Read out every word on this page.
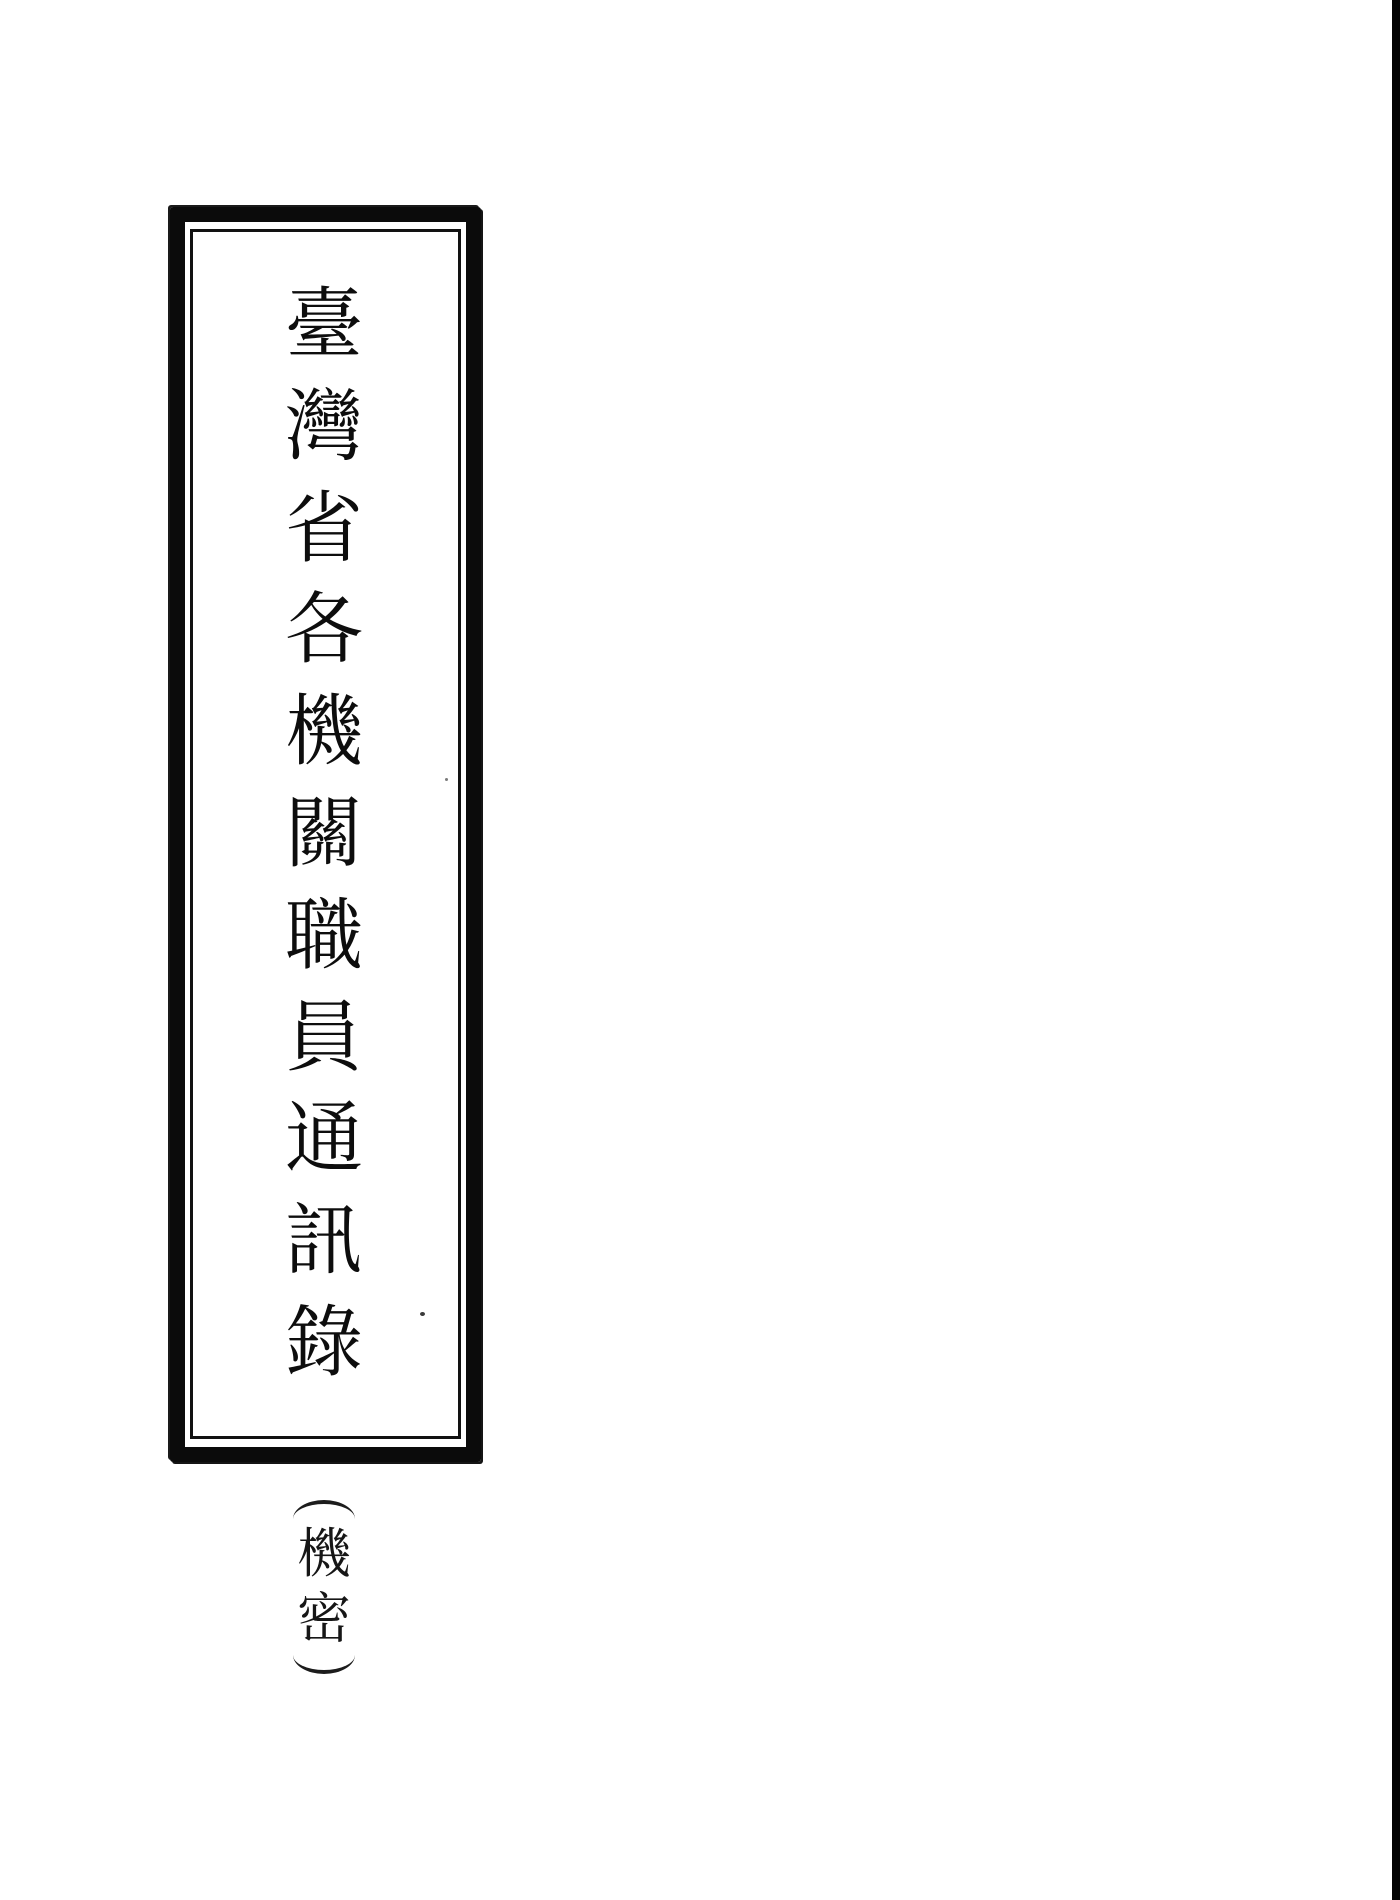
臺
灣
省
各
機
關
職
員
通
訊
錄
機
密
